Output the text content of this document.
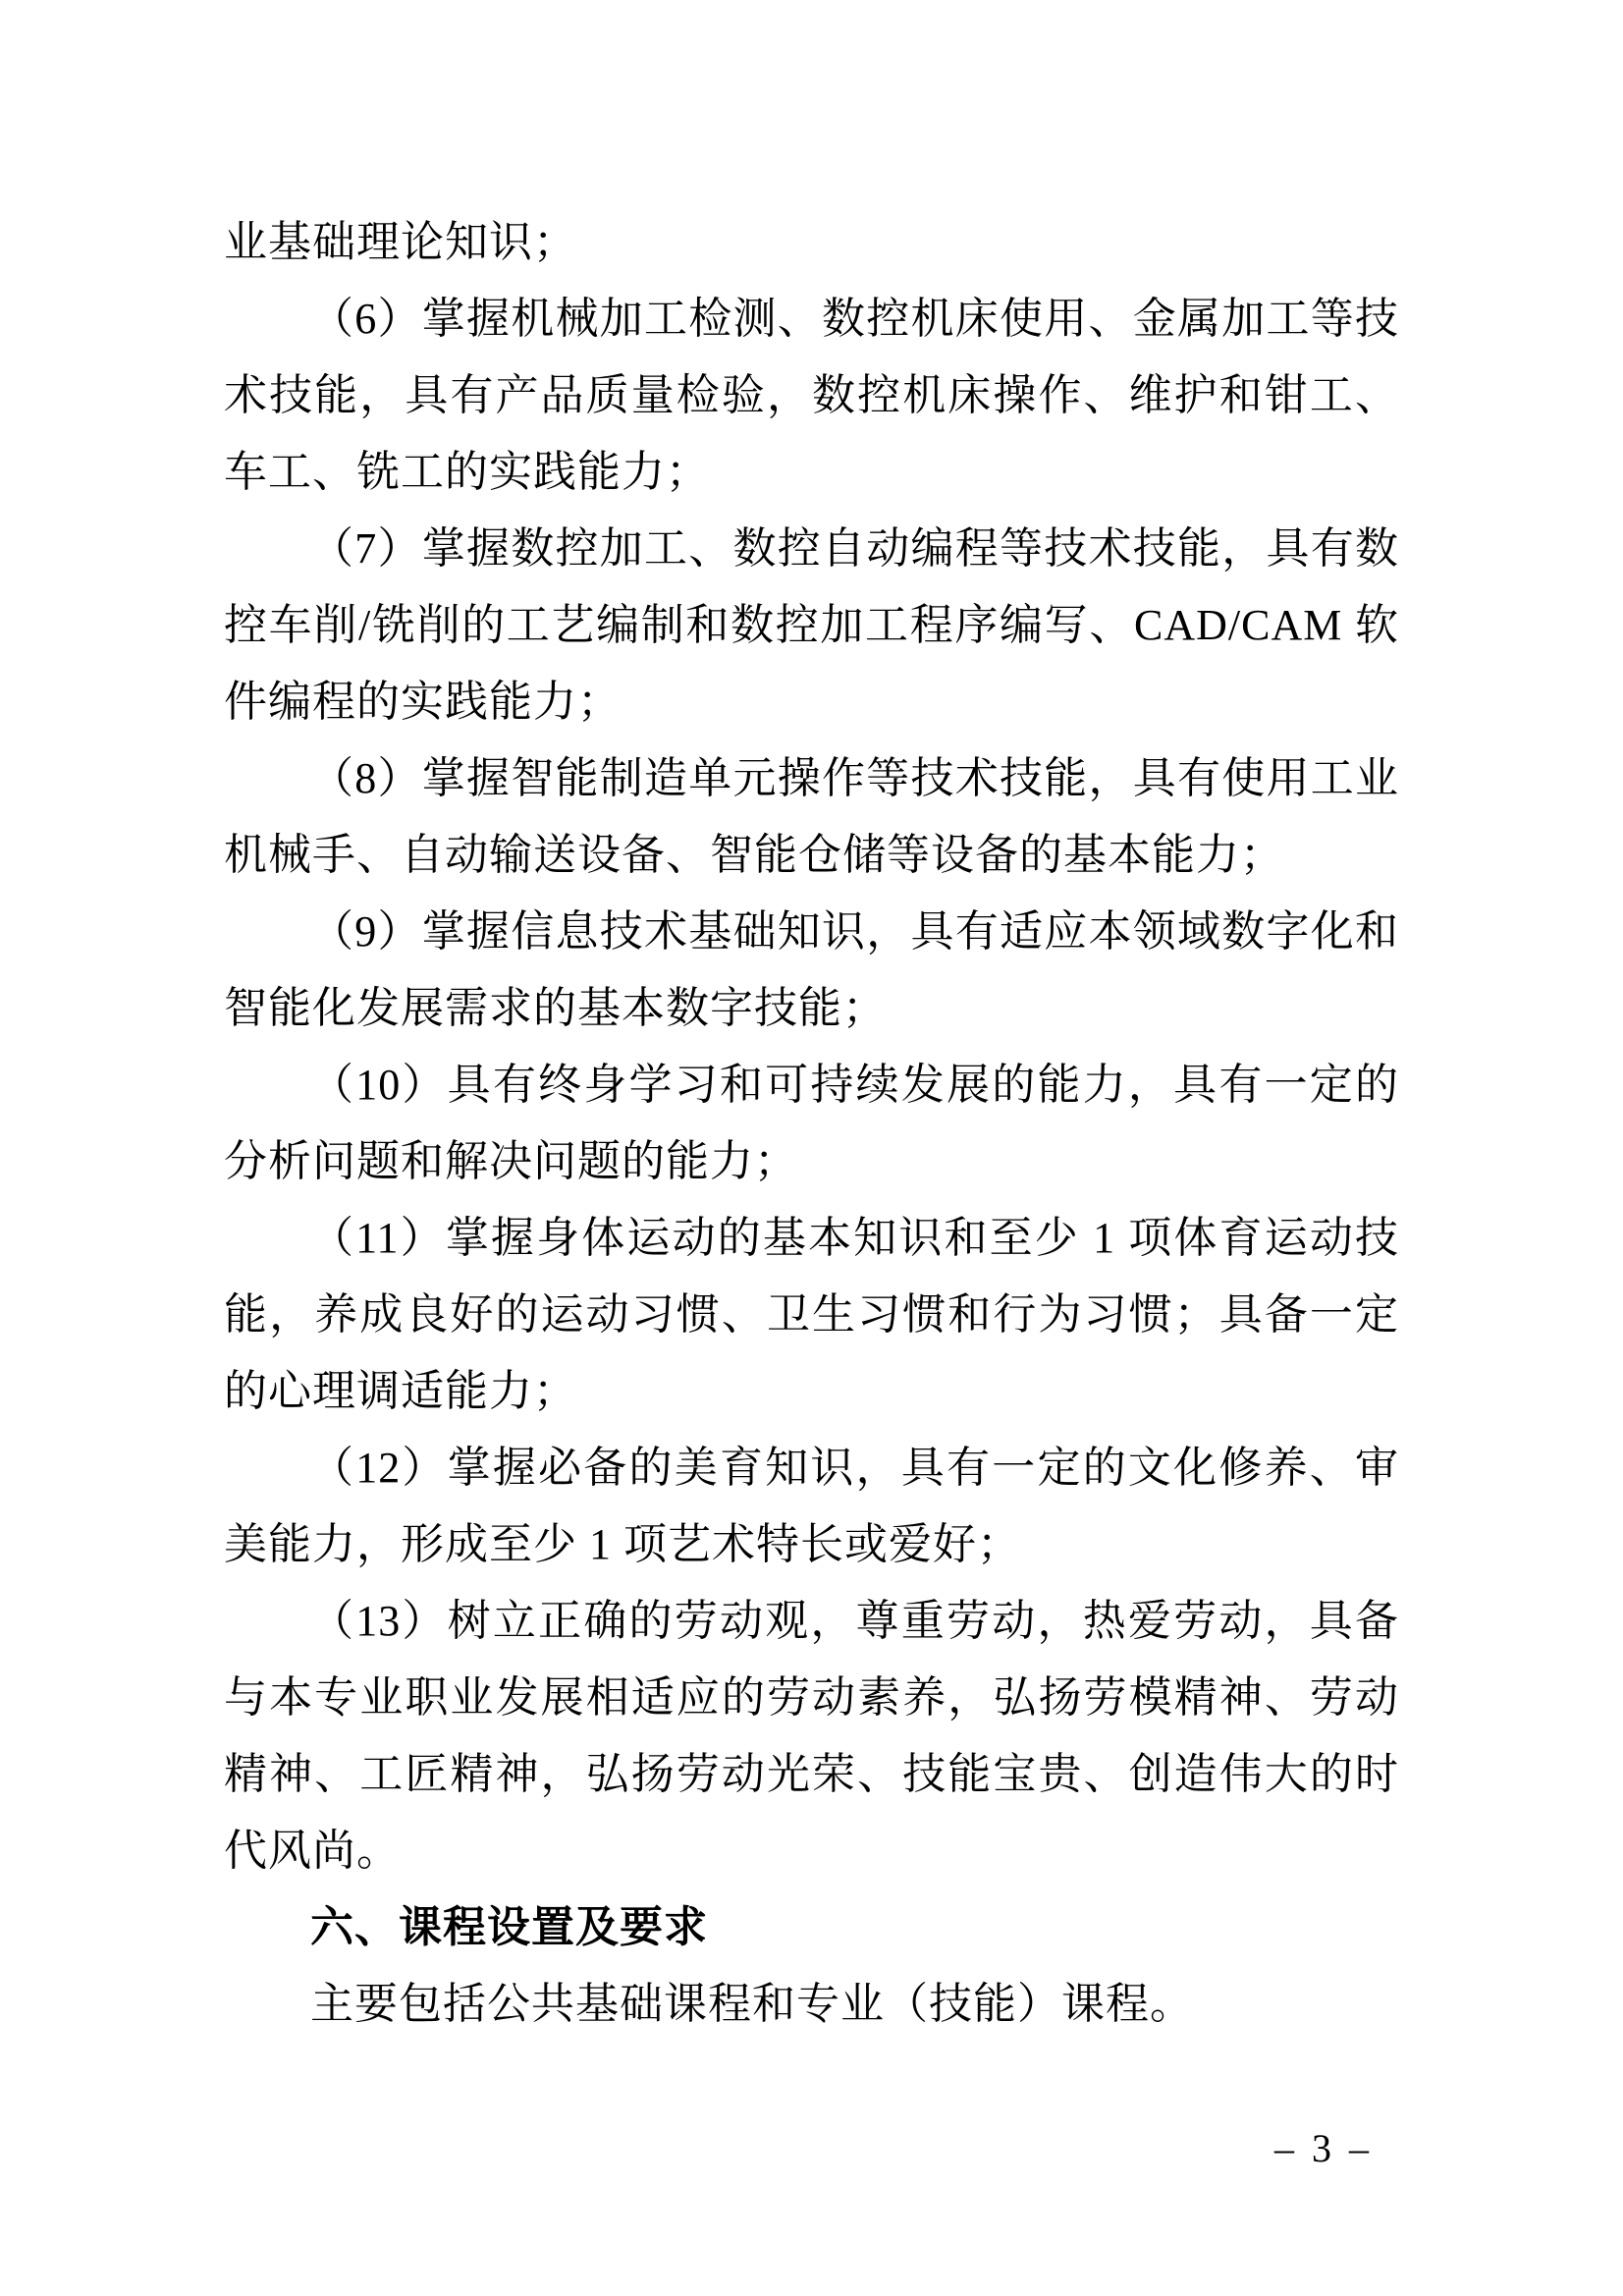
业基础理论知识；

（6）掌握机械加工检测、数控机床使用、金属加工等技术技能，具有产品质量检验，数控机床操作、维护和钳工、车工、铣工的实践能力；

（7）掌握数控加工、数控自动编程等技术技能，具有数控车削/铣削的工艺编制和数控加工程序编写、CAD/CAM 软件编程的实践能力；

（8）掌握智能制造单元操作等技术技能，具有使用工业机械手、自动输送设备、智能仓储等设备的基本能力；

（9）掌握信息技术基础知识，具有适应本领域数字化和智能化发展需求的基本数字技能；

（10）具有终身学习和可持续发展的能力，具有一定的分析问题和解决问题的能力；

（11）掌握身体运动的基本知识和至少 1 项体育运动技能，养成良好的运动习惯、卫生习惯和行为习惯；具备一定的心理调适能力；

（12）掌握必备的美育知识，具有一定的文化修养、审美能力，形成至少 1 项艺术特长或爱好；

（13）树立正确的劳动观，尊重劳动，热爱劳动，具备与本专业职业发展相适应的劳动素养，弘扬劳模精神、劳动精神、工匠精神，弘扬劳动光荣、技能宝贵、创造伟大的时代风尚。

六、课程设置及要求

主要包括公共基础课程和专业（技能）课程。

– 3 –
